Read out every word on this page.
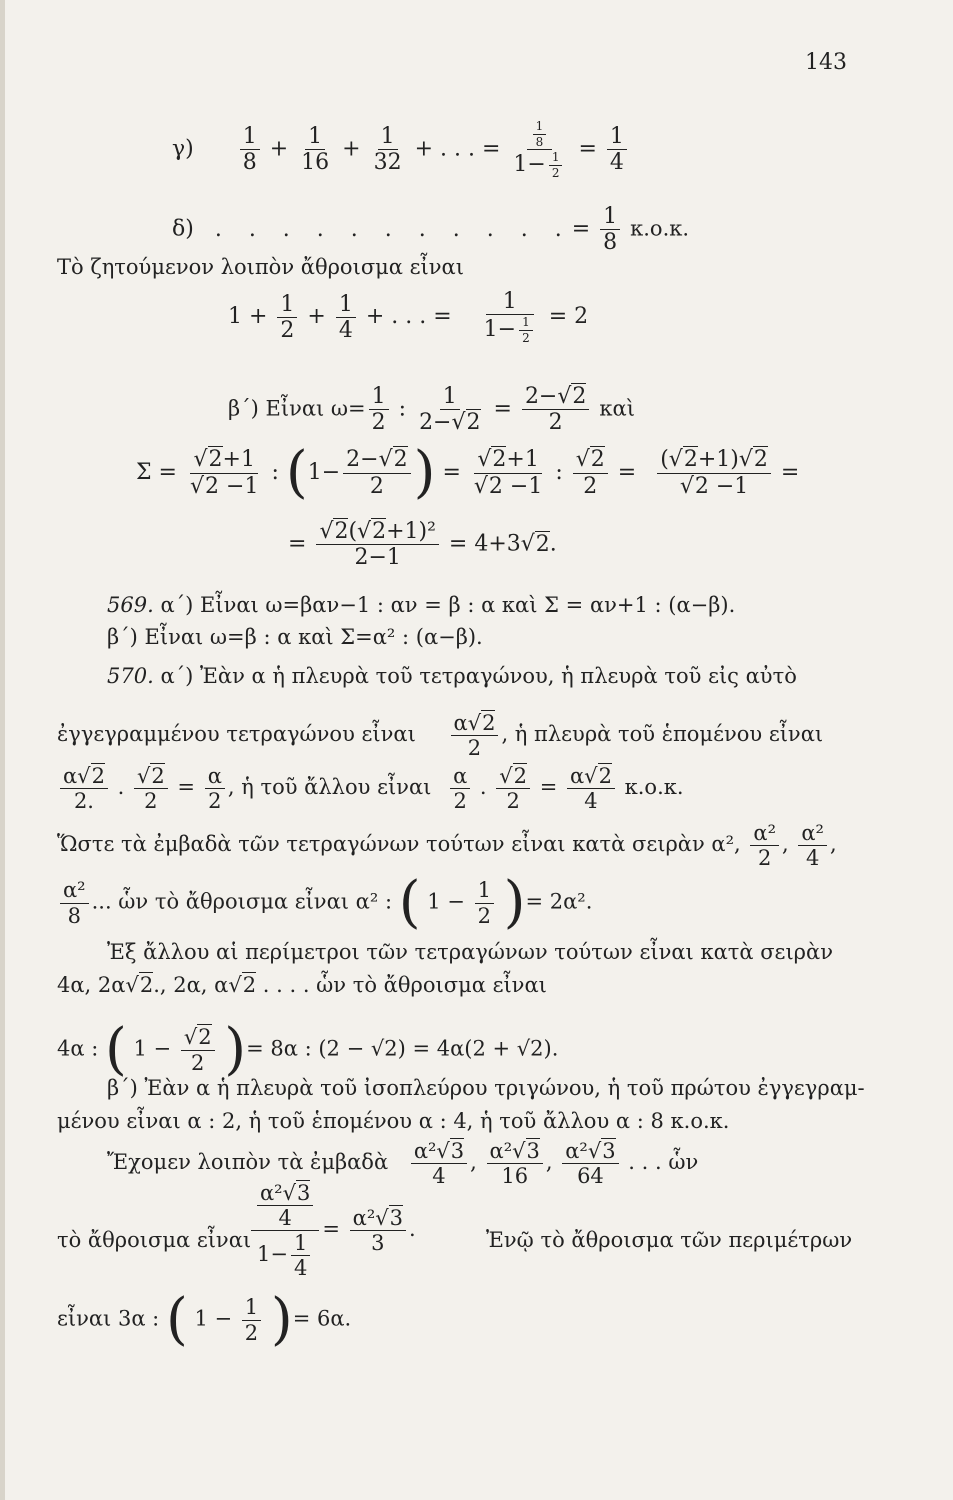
143
$\gamma) \frac{1}{8} + \frac{1}{16} + \frac{1}{32}$ + . . . = $\frac{\frac{1}{8}}{1- \frac{1}{2}} = \frac{1}{4}$
δ) . . . . . . . . . . .= $\frac{1}{8} \kappa.o.\kappa$.
Τὸ ζητούμενον λοιπὸν ἄθροισμα εἶναι
$1 + \frac{1}{2} + \frac{1}{4}$ + . . . = $\frac{1}{1- \frac{1}{2}} = 2$
β΄) Εἶναι $\omega= \frac{1}{2}$ : $\frac{1}{2-√2} = \frac{2-√2}{2}$ καὶ
$\Sigma = \frac{√2+1}{√2 -1}$ : ($1- \frac{2-√2}{2}$ ) = $\frac{√2+1}{√2 -1}$ : $\frac{√2}{2} = \frac{(√2+1)√2}{√2 -1}$ =
= $\frac{\text{√2(√2+1)²}}{2-1} = 4+3√2$.
569. α΄) Εἶναι ω=βαν−1 : αν = β : α καὶ Σ = αν+1 : (α−β).
β΄) Εἶναι ω=β : α καὶ Σ=α² : (α−β).
570. α΄) Ἐὰν α ἡ πλευρὰ τοῦ τετραγώνου, ἡ πλευρὰ τοῦ εἰς αὐτὸ
ἐγγεγραμμένου τετραγώνου εἶναι $\frac{\alpha√2}{2}$ , ἡ πλευρὰ τοῦ ἑπομένου εἶναι
$\frac{\alpha√2}{2.}$ . $\frac{√2}{2} = \frac{\alpha}{2}$ , ἡ τοῦ ἄλλου εἶναι $\frac{\alpha}{2}$ . $\frac{√2}{2} = \frac{\alpha√2}{4} \kappa.o.\kappa$.
Ὥστε τὰ ἐμβαδὰ τῶν τετραγώνων τούτων εἶναι κατὰ σειρὰν α², $\frac{\text{α²}}{2}$ , $\frac{\text{α²}}{4}$ ,
$\frac{\text{α²}}{8}$ ... ὧν τὸ ἄθροισμα εἶναι α² : ( $1 - \frac{1}{2}$ )= 2α².
Ἐξ ἄλλου αἱ περίμετροι τῶν τετραγώνων τούτων εἶναι κατὰ σειρὰν
4α, 2α√2., 2α, α√2 . . . . ὧν τὸ ἄθροισμα εἶναι
4α : ( $1 - \frac{√2}{2}$ )= 8α : (2 − √2) = 4α(2 + √2).
β΄) Ἐὰν α ἡ πλευρὰ τοῦ ἰσοπλεύρου τριγώνου, ἡ τοῦ πρώτου ἐγγεγραμ-
μένου εἶναι α : 2, ἡ τοῦ ἑπομένου α : 4, ἡ τοῦ ἄλλου α : 8 κ.ο.κ.
Ἔχομεν λοιπὸν τὰ ἐμβαδὰ $\frac{\text{α²√3}}{4}$ , $\frac{\text{α²√3}}{16}$ , $\frac{\text{α²√3}}{64}$ . . . ὧν
τὸ ἄθροισμα εἶναι $\frac{\frac{\text{α²√3}}{4}}{1- \frac{1}{4}} = \frac{\text{α²√3}}{3}$ .	Ἐνῷ τὸ ἄθροισμα τῶν περιμέτρων
εἶναι 3α : ( $1 - \frac{1}{2}$ )= 6α.
